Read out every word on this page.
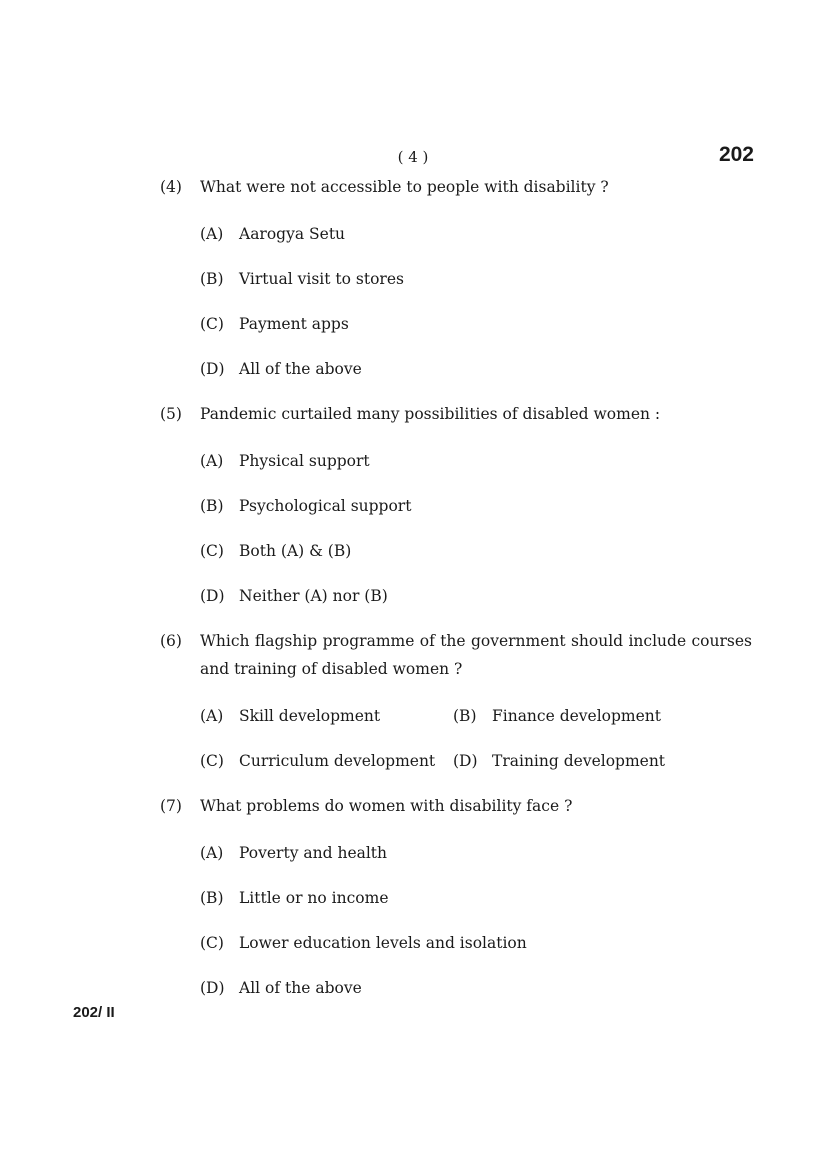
( 4 )	202
(4)	What were not accessible to people with disability ?
(A)	Aarogya Setu
(B)	Virtual visit to stores
(C) Payment apps
(D) All of the above
(5)	Pandemic curtailed many possibilities of disabled women :
(A)	Physical support
(B)	Psychological support
(C) Both (A) & (B)
(D) Neither (A) nor (B)
(6)	Which flagship programme of the government should include courses and training of disabled women ?
(A)	Skill development	(B)	Finance development
(C) Curriculum development (D) Training development
(7)	What problems do women with disability face ?
(A)	Poverty and health
(B)	Little or no income
(C) Lower education levels and isolation
(D) All of the above
202/ II
